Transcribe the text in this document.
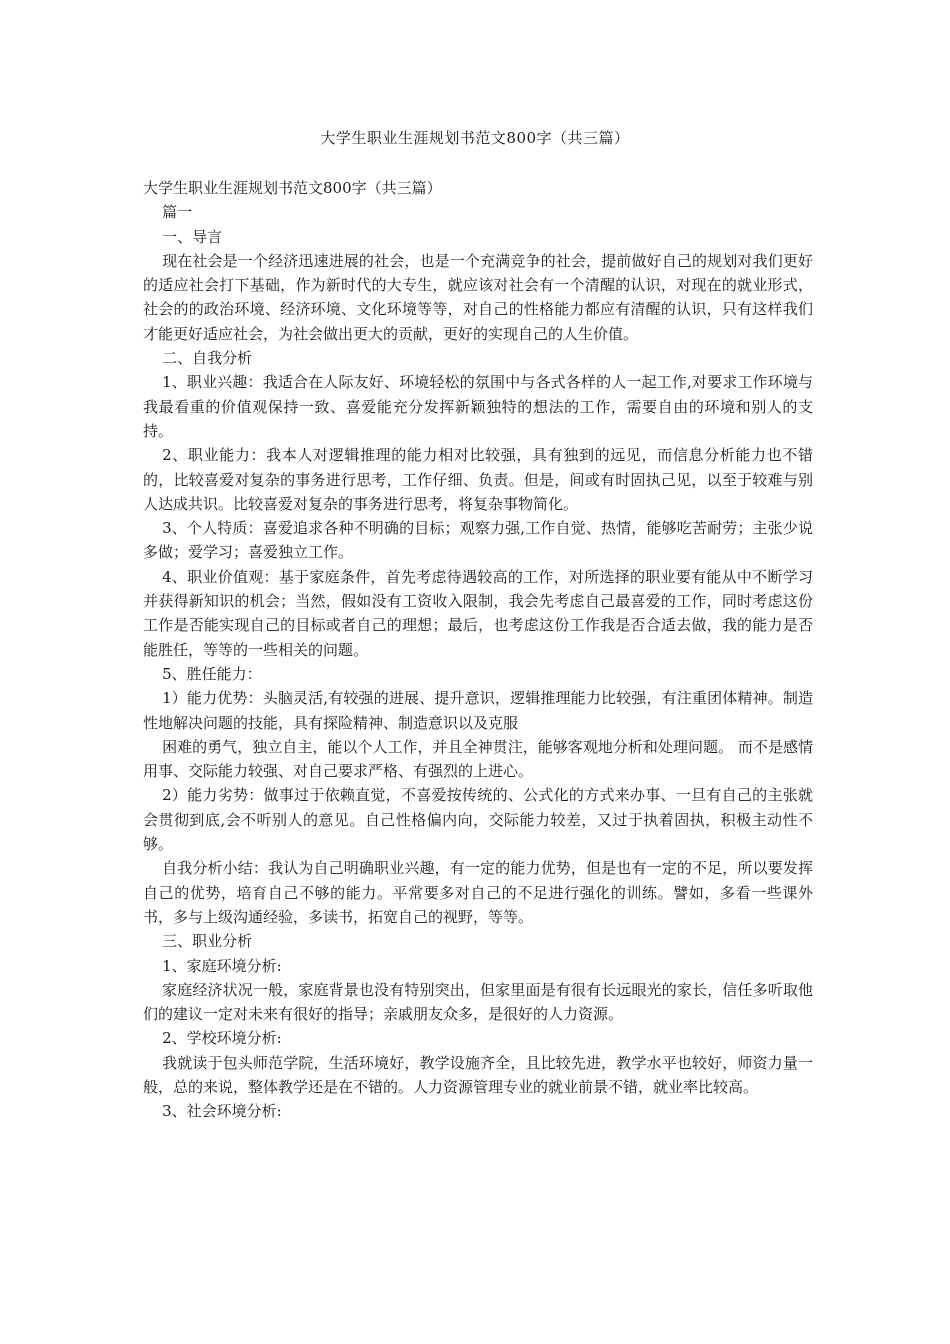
大学生职业生涯规划书范文800字（共三篇）

大学生职业生涯规划书范文800字（共三篇）

篇一

一、导言

现在社会是一个经济迅速进展的社会，也是一个充满竞争的社会，提前做好自己的规划对我们更好的适应社会打下基础，作为新时代的大专生，就应该对社会有一个清醒的认识，对现在的就业形式，社会的的政治环境、经济环境、文化环境等等，对自己的性格能力都应有清醒的认识，只有这样我们才能更好适应社会，为社会做出更大的贡献，更好的实现自己的人生价值。

二、自我分析

1、职业兴趣：我适合在人际友好、环境轻松的氛围中与各式各样的人一起工作,对要求工作环境与我最看重的价值观保持一致、喜爱能充分发挥新颖独特的想法的工作，需要自由的环境和别人的支持。

2、职业能力：我本人对逻辑推理的能力相对比较强，具有独到的远见，而信息分析能力也不错的，比较喜爱对复杂的事务进行思考，工作仔细、负责。但是，间或有时固执己见，以至于较难与别人达成共识。比较喜爱对复杂的事务进行思考，将复杂事物简化。

3、个人特质：喜爱追求各种不明确的目标；观察力强,工作自觉、热情，能够吃苦耐劳；主张少说多做；爱学习；喜爱独立工作。

4、职业价值观：基于家庭条件，首先考虑待遇较高的工作，对所选择的职业要有能从中不断学习并获得新知识的机会；当然，假如没有工资收入限制，我会先考虑自己最喜爱的工作，同时考虑这份工作是否能实现自己的目标或者自己的理想；最后，也考虑这份工作我是否合适去做，我的能力是否能胜任，等等的一些相关的问题。

5、胜任能力：

1）能力优势：头脑灵活,有较强的进展、提升意识，逻辑推理能力比较强，有注重团体精神。制造性地解决问题的技能，具有探险精神、制造意识以及克服

困难的勇气，独立自主，能以个人工作，并且全神贯注，能够客观地分析和处理问题。 而不是感情用事、交际能力较强、对自己要求严格、有强烈的上进心。

2）能力劣势：做事过于依赖直觉，不喜爱按传统的、公式化的方式来办事、一旦有自己的主张就会贯彻到底,会不听别人的意见。自己性格偏内向，交际能力较差，又过于执着固执，积极主动性不够。

自我分析小结：我认为自己明确职业兴趣，有一定的能力优势，但是也有一定的不足，所以要发挥自己的优势，培育自己不够的能力。平常要多对自己的不足进行强化的训练。譬如，多看一些课外书，多与上级沟通经验，多读书，拓宽自己的视野，等等。

三、职业分析

1、家庭环境分析:

家庭经济状况一般，家庭背景也没有特别突出，但家里面是有很有长远眼光的家长，信任多听取他们的建议一定对未来有很好的指导；亲戚朋友众多，是很好的人力资源。

2、学校环境分析:

我就读于包头师范学院，生活环境好，教学设施齐全，且比较先进，教学水平也较好，师资力量一般，总的来说，整体教学还是在不错的。人力资源管理专业的就业前景不错，就业率比较高。

3、社会环境分析:
